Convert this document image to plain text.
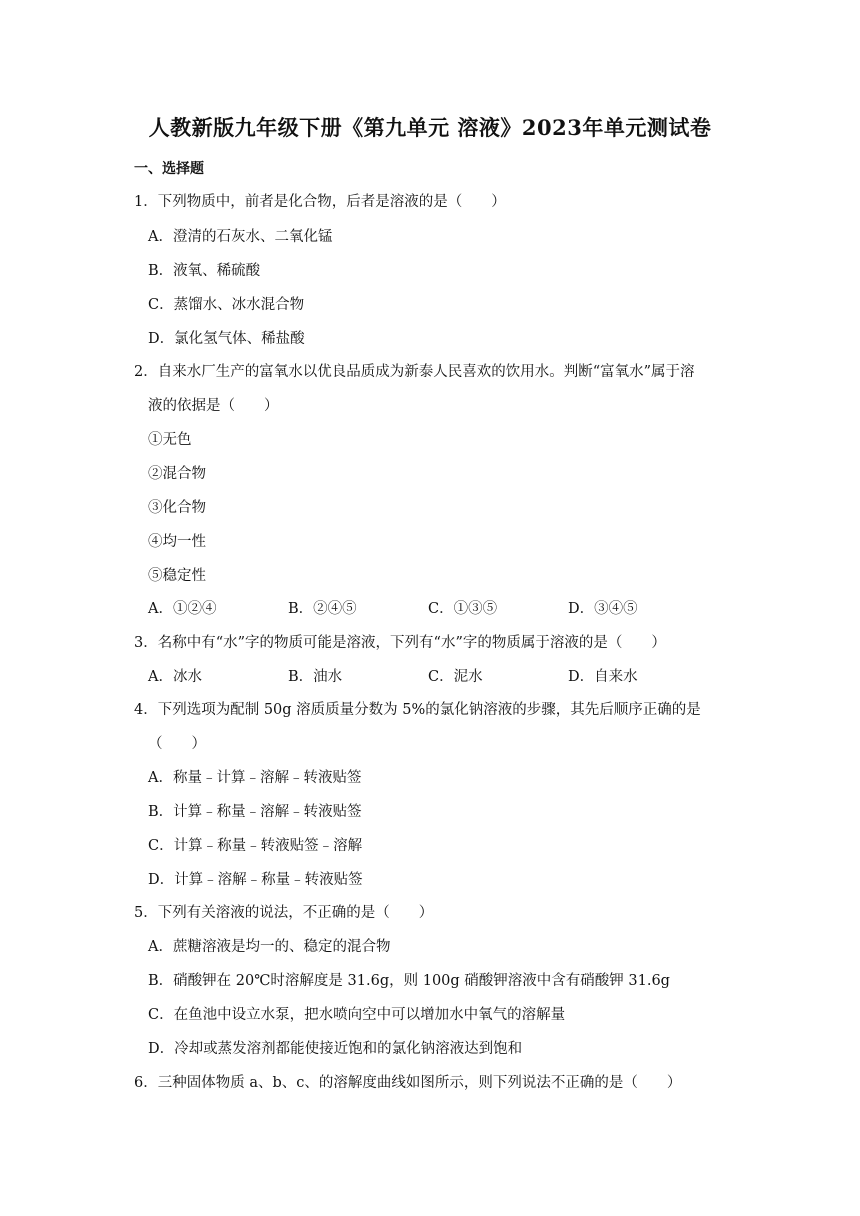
人教新版九年级下册《第九单元 溶液》2023年单元测试卷
一、选择题
1．下列物质中，前者是化合物，后者是溶液的是（　　）
A．澄清的石灰水、二氧化锰
B．液氧、稀硫酸
C．蒸馏水、冰水混合物
D．氯化氢气体、稀盐酸
2．自来水厂生产的富氧水以优良品质成为新泰人民喜欢的饮用水。判断“富氧水”属于溶
液的依据是（　　）
①无色
②混合物
③化合物
④均一性
⑤稳定性
A．①②④	B．②④⑤	C．①③⑤	D．③④⑤
3．名称中有“水”字的物质可能是溶液，下列有“水”字的物质属于溶液的是（　　）
A．冰水	B．油水	C．泥水	D．自来水
4．下列选项为配制 50g 溶质质量分数为 5%的氯化钠溶液的步骤，其先后顺序正确的是
（　　）
A．称量﹣计算﹣溶解﹣转液贴签
B．计算﹣称量﹣溶解﹣转液贴签
C．计算﹣称量﹣转液贴签﹣溶解
D．计算﹣溶解﹣称量﹣转液贴签
5．下列有关溶液的说法，不正确的是（　　）
A．蔗糖溶液是均一的、稳定的混合物
B．硝酸钾在 20℃时溶解度是 31.6g，则 100g 硝酸钾溶液中含有硝酸钾 31.6g
C．在鱼池中设立水泵，把水喷向空中可以增加水中氧气的溶解量
D．冷却或蒸发溶剂都能使接近饱和的氯化钠溶液达到饱和
6．三种固体物质 a、b、c、的溶解度曲线如图所示，则下列说法不正确的是（　　）
